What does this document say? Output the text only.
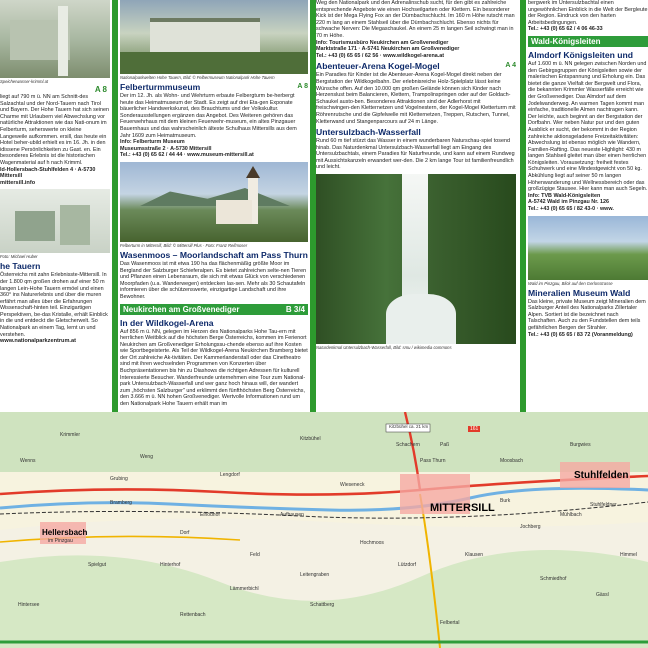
Speicherwasser-krimml.at
A 8

liegt auf 790 m ü. NN am Schnitt-des Salzachtal und der Nord-Tauern nach Tirol und Bayern. Der Hohe Tauern hat sich seinen Charme mit Urlaubern viel Abwechslung vor natürliche Attraktionen wie das Nati-onum im Felberturm, seherswerte on kleine Langeweile aufkommen. ersill, das heute ein Hotel beher-ubild erhielt es im 16. Jh. in den idissene Persönlichkeiten zu Gast. en. Ein besonderes Erlebnis ist die historischen Wagenmaterial auf h nach Krimml.

ld-Hollersbach-Stuhlfelden 4 · A-5730 Mittersill

mittersill.info

Foto: Michael Huber
he Tauern

Österreichs mit zahn Erlebnisste-Mittersill. In der 1.800 qm großen drohen auf einer 50 m langen Lein-Hohe Tauern ermöel und einen 360° ins Naturerlebnis und über die muren erfährt man alles über die Erfahrungen Wissenschaft-hinten teil. Einzigartigen Perspektiven, be-das Kristalle, erhält Einblick in die und entdeckt die Gletscherwelt. So Nationalpark an einem Tag, lernt un und verstehen.

www.nationalparkzentrum.at

Nationalparkwelten Hohe Tauern, Bild: © Felbermuseum Nationalpark Hohe Tauern
Felberturmmuseum	A 8

Der im 12. Jh. als Wohn- und Wehrturm erbaute Felbergturm be-herbergt heute das Heimatmuseum der Stadt. Es zeigt auf drei Eta-gen Exponate bäuerlicher Handwerkskunst, des Brauchtums und der Volkskultur. Sonderausstellungen ergänzen das Angebot. Des Weiteren gehören das Feuerwehrhaus mit dem kleinen Feuerwehr-museum, ein altes Pinzgauer Bauernhaus und das wahrscheinlich älteste Schulhaus Mittersills aus dem Jahr 1609 zum Heimatmuseum.

Info: Felberturm Museum

Museumsstraße 2 · A-5730 Mittersill

Tel.: +43 (0) 65 62 / 44 44 · www.museum-mittersill.at

Felberturm in Mittersill, Bild: © Mittersill Plus · Foto: Franz Reifmoser
Wasenmoos – Moorlandschaft am Pass Thurn

Das Wasenmoos ist mit etwa 190 ha das flächenmäßig größte Moor im Bergland der Salzburger Schieferalpen. Es bietet zahlreichen selte-nen Tieren und Pflanzen einen Lebensraum, die sich mit etwas Glück von verschiedenen Moorpfaden (u.a. Wanderwegen) entdecken las-sen. Mehr als 30 Schautafeln informieren über die schützenswerte, einzigartige Landschaft und ihre Bewohner.

Neukirchen am Großvenediger	B 3/4
In der Wildkogel-Arena

Auf 856 m ü. NN, gelegen im Herzen des Nationalparks Hohe Tau-ern mit herrlichen Weitblick auf die höchsten Berge Österreichs, kommen im Ferienort Neukirchen am Großvenediger Erholungssu-chende ebenso auf ihre Kosten wie Sportbegeisterte. Als Teil der Wildkogel-Arena Neukirchen Bramberg bietet der Ort zahlreiche Ak-tivitäten. Der Kammerlanderstall oder das Cinetheatro sind mit ihren wechselnden Programmen von Konzerten über Buchpräsentationen bis hin zu Diashows die richtigen Adressen für kulturell Interessierte Besucher. Wanderfreunde unternehmen eine Tour zum National-park Untersulzbach-Wasserfall und wer ganz hoch hinaus will, der wandert zum „höchsten Salzburger" und erklimmt den fünfthöchsten Berg Österreichs, den 3.666 m ü. NN hohen Großvenediger. Wertvolle Informationen rund um den Nationalpark Hohe Tauern erhält man im

Weg den Nationalpark und den Adrenalinschub sucht, für den gibt es zahlreiche entsprechende Angebote wie einen Hochseilgarten oder Klettern. Ein besonderer Kick ist der Mega Flying Fox an der Dürnbachschlucht. Im 160 m Höhe rutscht man 220 m lang an einem Stahlseil über die Dürnbachschlucht. Ebenso nichts für schwache Nerven: Die Megaschaukel. An einem 25 m langen Seil schwingt man in 70 m Höhe.

Info: Tourismusbüro Neukirchen am Großvenediger

Marktstraße 171 · A-5741 Neukirchen am Großvenediger

Tel.: +43 (0) 65 65 / 62 56 · www.wildkogel-arena.at

Abenteuer-Arena Kogel-Mogel	A 4

Ein Paradies für Kinder ist die Abenteuer-Arena Kogel-Mogel direkt neben der Bergstation der Wildkogelbahn. Der erlebnisreiche Holz-Spielplatz lässt keine Wünsche offen. Auf den 10.000 qm großen Gelände können sich Kinder nach Herzenslust beim Balancieren, Klettern, Trampolinspringen oder auf der Goldach-Schaukel austo-ben. Besonderes Attraktionen sind der Adlerhorst mit freischwingen-den Kletternetzen und Vogelnestern, der Kogel-Mogel Kletterturm mit Röhrenrutsche und die Gipfelwelle mit Kletternetzen, Treppen, Rutschen, Tunnel, Kletterwand und Stangenparcours auf 24 m Länge.

Untersulzbach-Wasserfall

Rund 60 m tief stürzt das Wasser in einem wunderbaren Naturschau-spiel tosend hinab. Das Naturdenkmal Untersulzbach-Wasserfall liegt am Eingang des Untersulzbachtals, einem Paradies für Naturfreunde, und kann auf einem Rundweg mit Aussichtskanzeln erwandert wer-den. Die 2 km lange Tour ist familienfreundlich und leicht.

Naturdenkmal Untersulzbach-Wasserfall, Bild: smu / wikimedia commons

bergwerk im Untersulzbachtal einen ungewöhnlichen Einblick in die Welt der Bergleute der Region. Eindruck von den harten Arbeitsbedingungen.

Tel.: +43 (0) 65 62 / 4 06 46-33

Wald-Königsleiten
Almdorf Königsleiten und

Auf 1.600 m ü. NN gelegen zwischen Norden und den Gebirgsgruppen der Königsleiten sowie der malerischen Entspannung und Erholung ein. Das bietet die ganze Vielfalt der Bergwelt und Flora, die bekannten Krimmler Wasserfälle erreicht wie der Großvenediger. Das Almdorf auf dem Jodelwanderweg. An warmen Tagen kommt man einfache, traditionelle Almen nachtragen kann. Der leichte, auch beginnt an der Bergstation der Dorfbahn. Wer neben Natur pur und den guten Ausblick er sucht, der bekommt in der Region zahlreiche aktionsgeladene Freizeitaktivitäten: Abwechslung ist ebenso möglich wie Wandern, Familien-Rafting. Das neueste Highlight: 430 m langen Stahlseil gleitet man über einen herrlichen Königsleiten. Vorausetzung: freiheit festes Schuhwerk und eine Mindestgewicht von 50 kg. Abkühlung liegt auf seiner 50 m langen Höhenwanderung und Wellnessbereich oder das großzügige Stausee. Hier kann man auch Segeln.

Info: TVB Wald-Königsleiten

A-5742 Wald im Pinzgau Nr. 126

Tel.: +43 (0) 65 65 / 82 43-0 · www.

Wald im Pinzgau, Blick auf den Gerlosstrasse
Mineralien Museum Wald

Das kleine, private Museum zeigt Mineralien dem Salzburger Anteil des Nationalparks Zillertaler Alpen. Sortiert ist die bezeichnet nach Talschaften. Auch zu den Fundstellen dem teils gefährlichen Bergen der Strahler.

Tel.: +43 (0) 65 65 / 83 72 (Voranmeldung)

MITTERSILL
Stuhlfelden
Hellersbach
im Pinzgau
Kitzbühel ca. 21 km	161
Krimmler
Schachern	Burgwies
Kitzbühel
Lengdorf
Wieseneck
Bramberg
Schattberg
Klausen
Felbertal
Jochberg
Pass Thurn
Feld
Dorf
Weng
Lämmerbichl
Aufhausen
Hochmoos
Einödhof
Lützdorf
Moosbach
Stuhlfeldner
Burk
Rettenbach
Grubing
Wenns
Schmiedhof
Gässl
Hintersee
Paß
Spielgut
Leitengraben
Himmel
Hinterhof
Mühlbach
